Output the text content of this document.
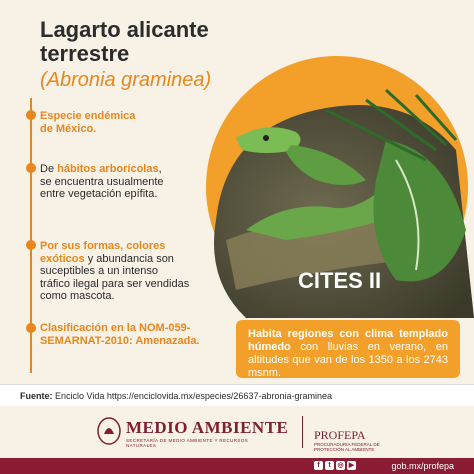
Lagarto alicante
terrestre
(Abronia graminea)
Especie endémica de México.
De hábitos arborícolas, se encuentra usualmente entre vegetación epífita.
Por sus formas, colores exóticos y abundancia son suceptibles a un intenso tráfico ilegal para ser vendidas como mascota.
Clasificación en la NOM-059-SEMARNAT-2010: Amenazada.
CITES II
Habita regiones con clima templado húmedo con lluvias en verano, en altitudes que van de los 1350 a los 2743 msnm.
Fuente: Enciclo Vida https://enciclovida.mx/especies/26637-abronia-graminea
MEDIO AMBIENTE
SECRETARÍA DE MEDIO AMBIENTE Y RECURSOS NATURALES
PROFEPA
PROCURADURÍA FEDERAL DE PROTECCIÓN AL AMBIENTE
f	t ◎ ▶	gob.mx/profepa
